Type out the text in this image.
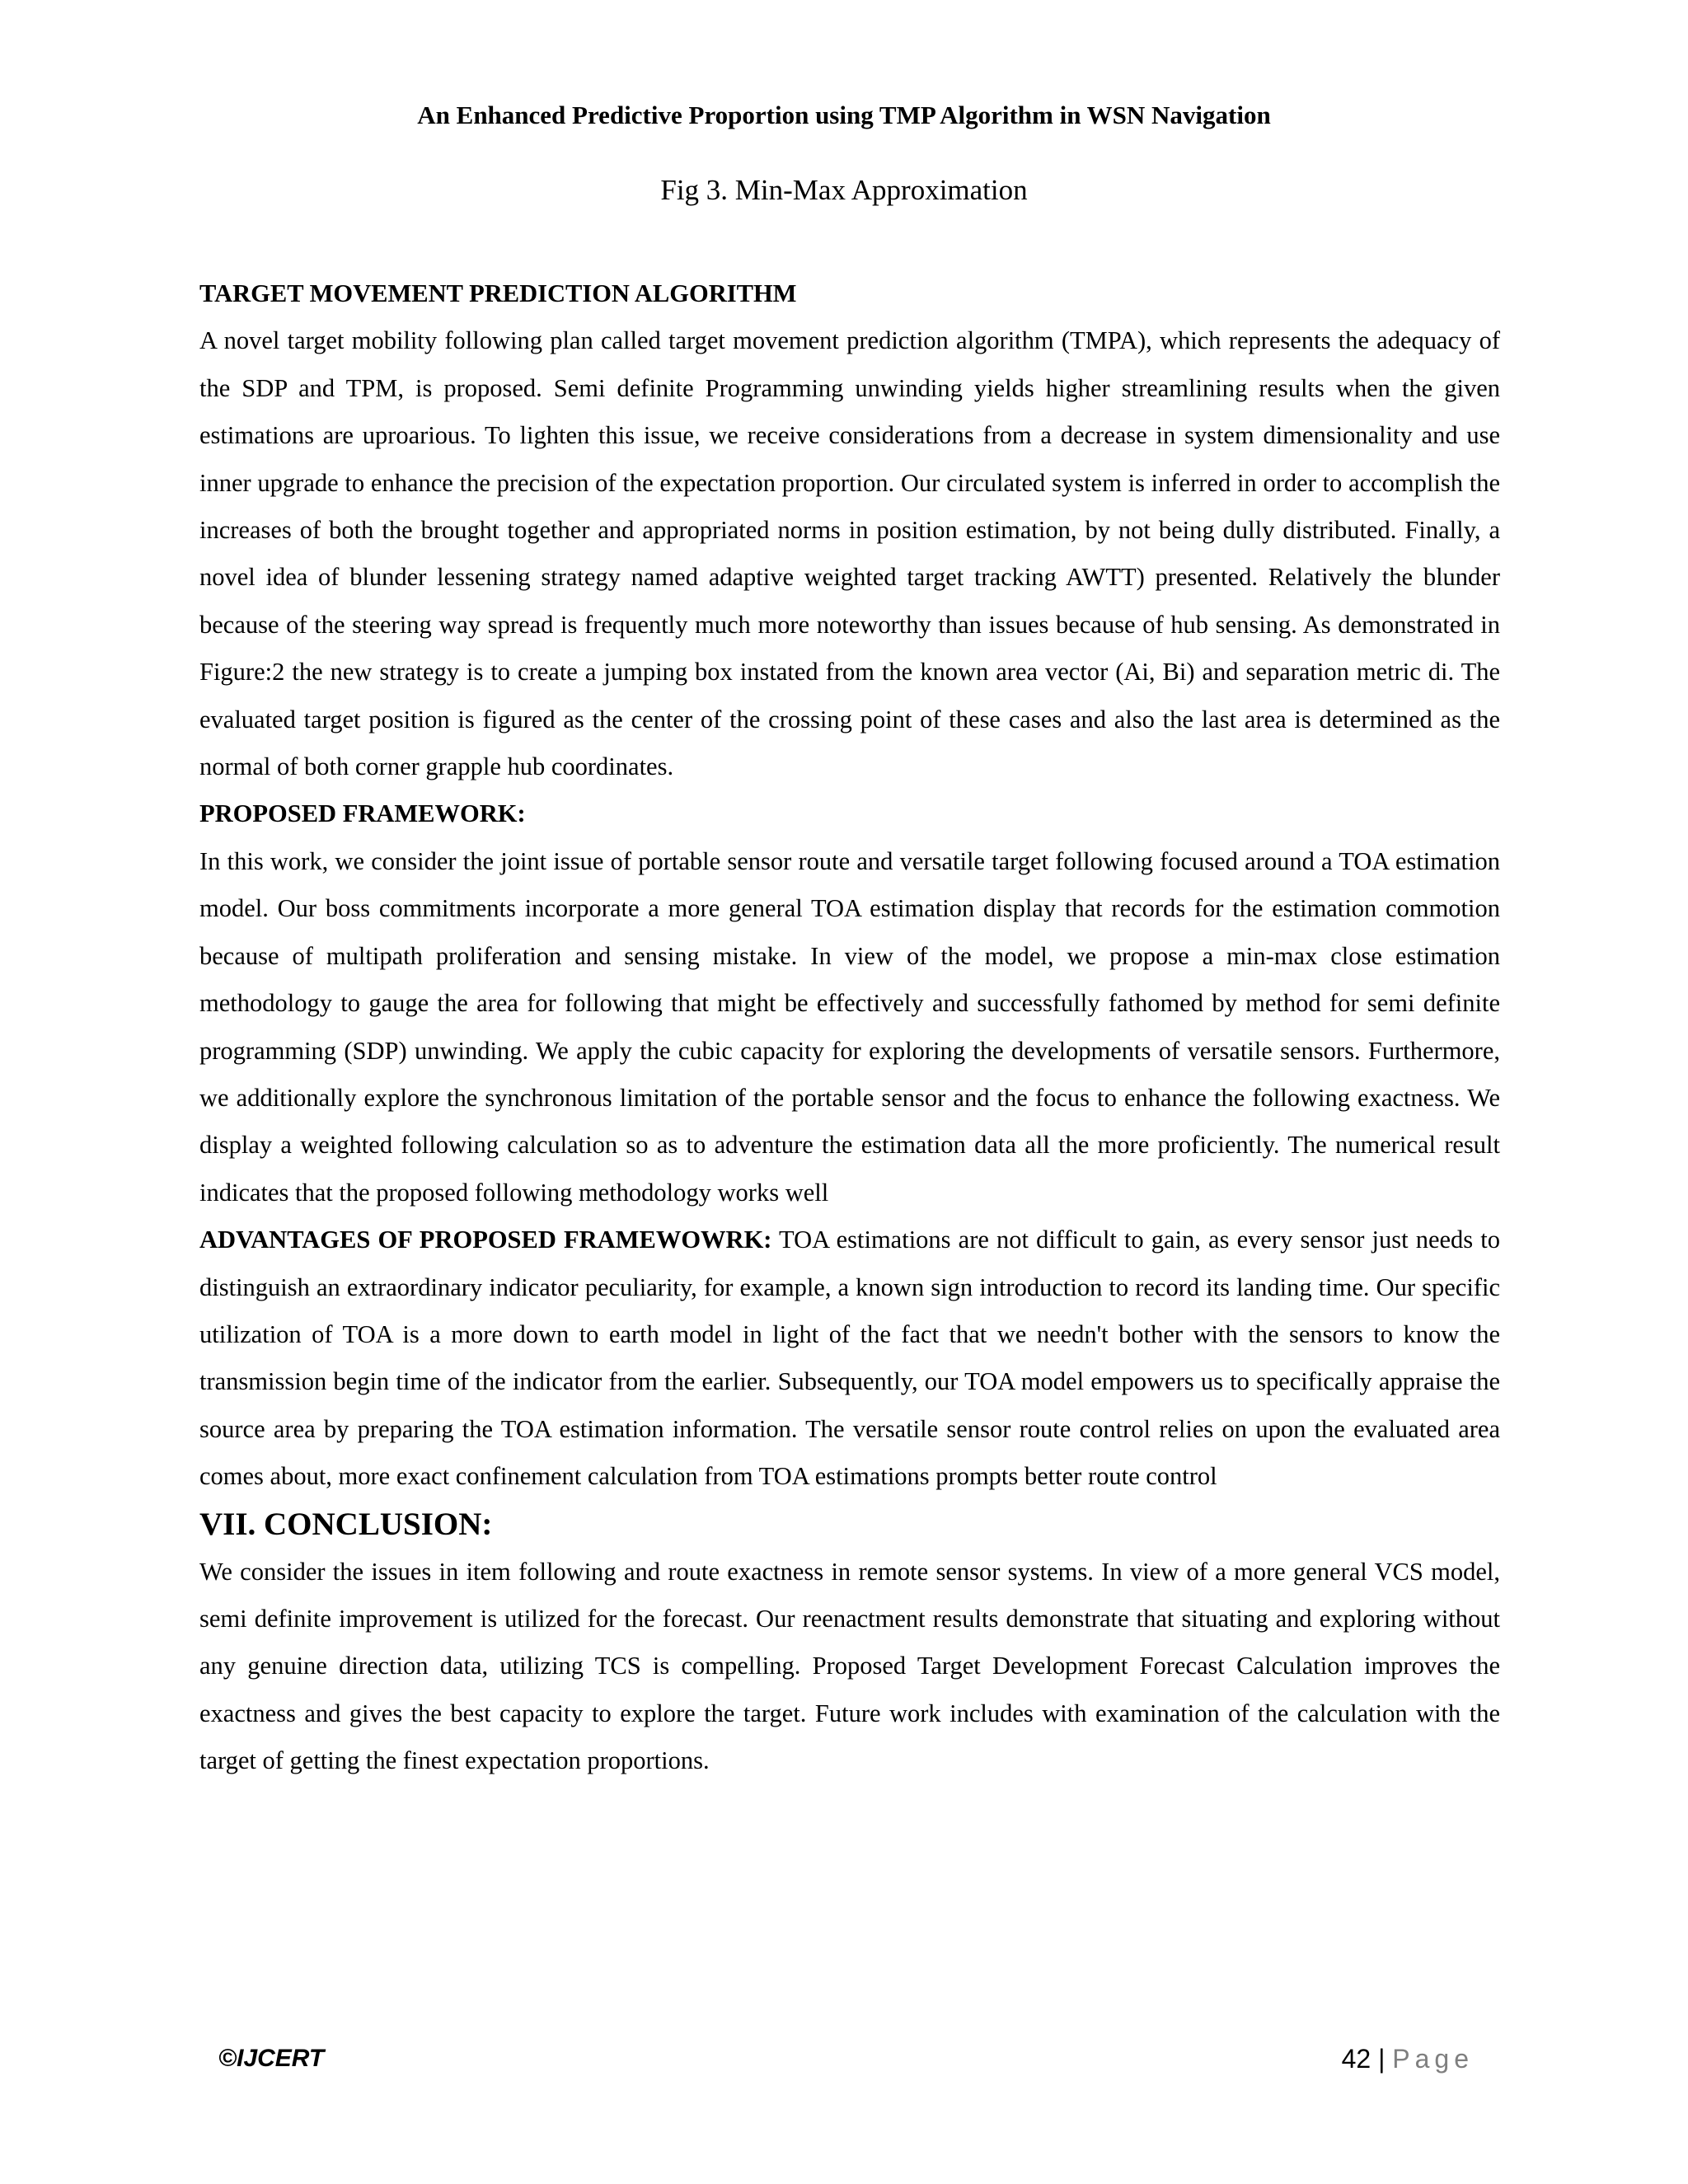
An Enhanced Predictive Proportion using TMP Algorithm in WSN Navigation
Fig 3. Min-Max Approximation

TARGET MOVEMENT PREDICTION ALGORITHM

A novel target mobility following plan called target movement prediction algorithm (TMPA), which represents the adequacy of the SDP and TPM, is proposed. Semi definite Programming unwinding yields higher streamlining results when the given estimations are uproarious. To lighten this issue, we receive considerations from a decrease in system dimensionality and use inner upgrade to enhance the precision of the expectation proportion. Our circulated system is inferred in order to accomplish the increases of both the brought together and appropriated norms in position estimation, by not being dully distributed. Finally, a novel idea of blunder lessening strategy named adaptive weighted target tracking AWTT) presented. Relatively the blunder because of the steering way spread is frequently much more noteworthy than issues because of hub sensing. As demonstrated in Figure:2 the new strategy is to create a jumping box instated from the known area vector (Ai, Bi) and separation metric di. The evaluated target position is figured as the center of the crossing point of these cases and also the last area is determined as the normal of both corner grapple hub coordinates.

PROPOSED FRAMEWORK:

In this work, we consider the joint issue of portable sensor route and versatile target following focused around a TOA estimation model. Our boss commitments incorporate a more general TOA estimation display that records for the estimation commotion because of multipath proliferation and sensing mistake. In view of the model, we propose a min-max close estimation methodology to gauge the area for following that might be effectively and successfully fathomed by method for semi definite programming (SDP) unwinding. We apply the cubic capacity for exploring the developments of versatile sensors. Furthermore, we additionally explore the synchronous limitation of the portable sensor and the focus to enhance the following exactness. We display a weighted following calculation so as to adventure the estimation data all the more proficiently. The numerical result indicates that the proposed following methodology works well

ADVANTAGES OF PROPOSED FRAMEWOWRK: TOA estimations are not difficult to gain, as every sensor just needs to distinguish an extraordinary indicator peculiarity, for example, a known sign introduction to record its landing time. Our specific utilization of TOA is a more down to earth model in light of the fact that we needn't bother with the sensors to know the transmission begin time of the indicator from the earlier. Subsequently, our TOA model empowers us to specifically appraise the source area by preparing the TOA estimation information. The versatile sensor route control relies on upon the evaluated area comes about, more exact confinement calculation from TOA estimations prompts better route control

VII. CONCLUSION:

We consider the issues in item following and route exactness in remote sensor systems. In view of a more general VCS model, semi definite improvement is utilized for the forecast. Our reenactment results demonstrate that situating and exploring without any genuine direction data, utilizing TCS is compelling. Proposed Target Development Forecast Calculation improves the exactness and gives the best capacity to explore the target. Future work includes with examination of the calculation with the target of getting the finest expectation proportions.

©IJCERT	42 | Page
